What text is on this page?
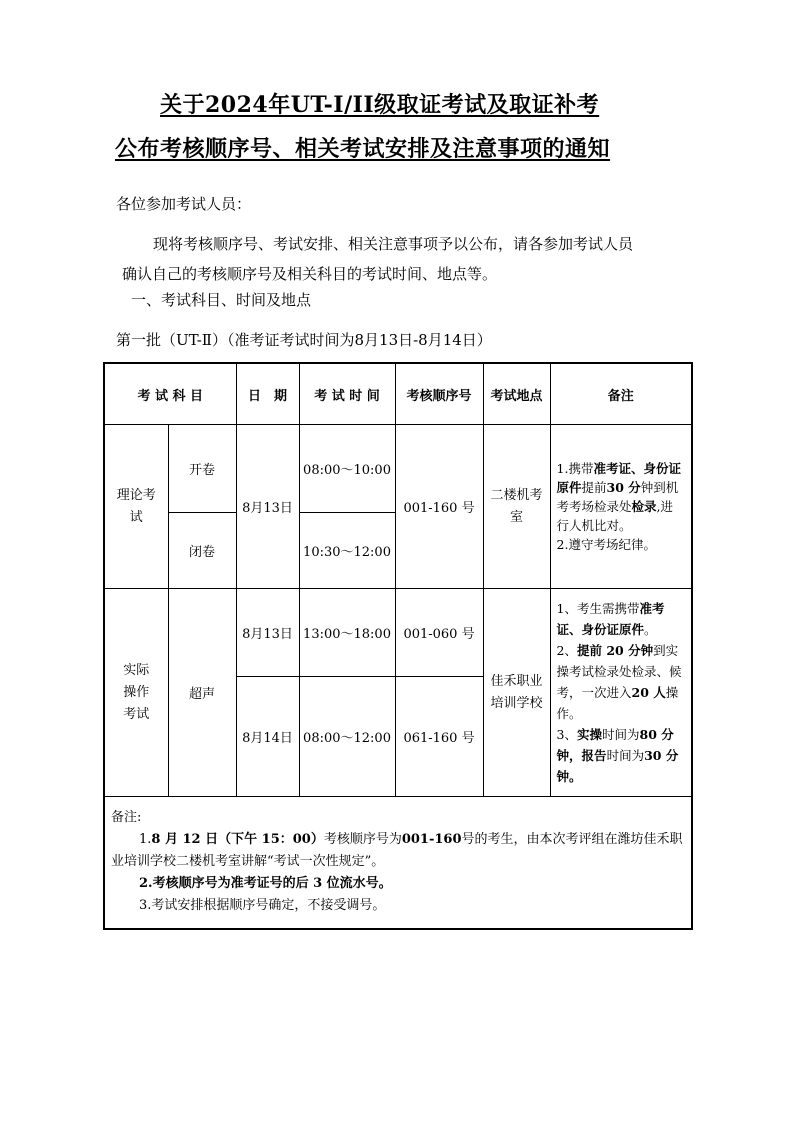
关于2024年UT-I/II级取证考试及取证补考
公布考核顺序号、相关考试安排及注意事项的通知
各位参加考试人员：
现将考核顺序号、考试安排、相关注意事项予以公布，请各参加考试人员
确认自己的考核顺序号及相关科目的考试时间、地点等。
一、考试科目、时间及地点
第一批（UT-Ⅱ）（准考证考试时间为8月13日-8月14日）
考 试 科 目		日　期	考 试 时 间	考核顺序号	考试地点	备注
理论考试	开卷	8月13日	08:00～10:00	001-160 号	二楼机考室	1.携带准考证、身份证原件提前30 分钟到机考考场检录处检录,进行人机比对。
2.遵守考场纪律。
	闭卷		10:30～12:00			
实际操作考试	超声	8月13日	13:00～18:00	001-060 号	佳禾职业培训学校	1、考生需携带准考证、身份证原件。
2、提前 20 分钟到实操考试检录处检录、候考，一次进入20 人操作。
3、实操时间为80 分钟，报告时间为30 分钟。
		8月14日	08:00～12:00	061-160 号		

备注:
1.8 月 12 日（下午 15：00）考核顺序号为001-160号的考生，由本次考评组在潍坊佳禾职
业培训学校二楼机考室讲解“考试一次性规定”。
2.考核顺序号为准考证号的后 3 位流水号。
3.考试安排根据顺序号确定，不接受调号。						
